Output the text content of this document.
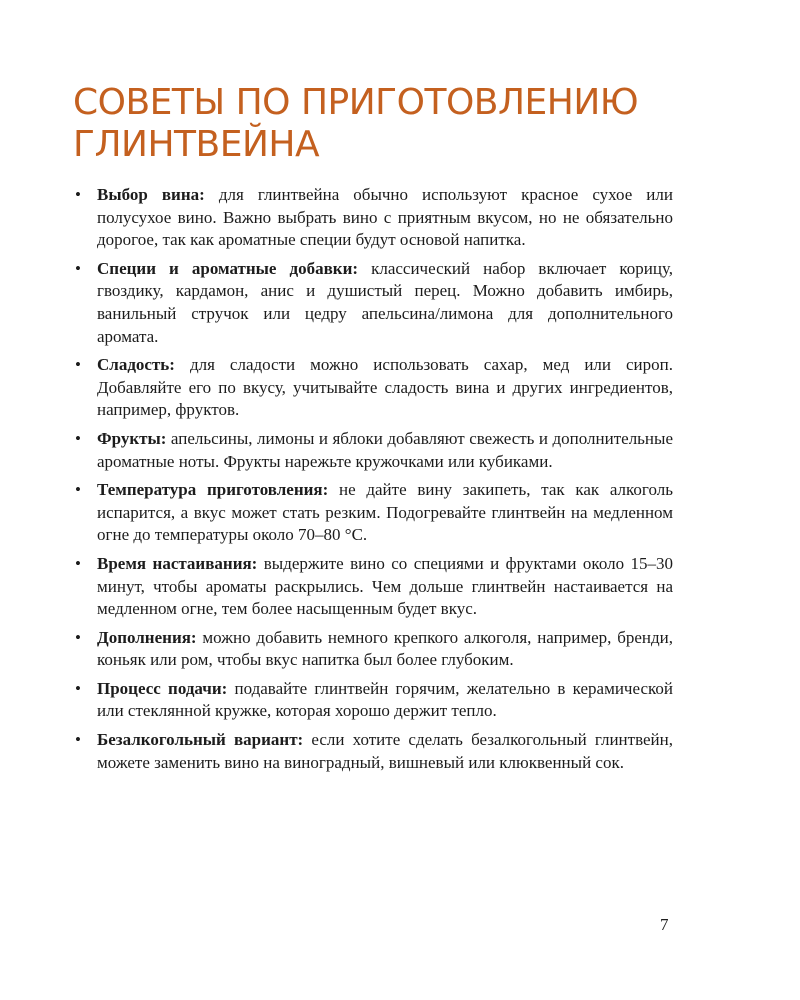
СОВЕТЫ ПО ПРИГОТОВЛЕНИЮ
ГЛИНТВЕЙНА
• Выбор вина: для глинтвейна обычно используют красное сухое или полусухое вино. Важно выбрать вино с приятным вкусом, но не обязательно дорогое, так как ароматные специи будут основой напитка.
• Специи и ароматные добавки: классический набор включает корицу, гвоздику, кардамон, анис и душистый перец. Можно добавить имбирь, ванильный стручок или цедру апельсина/лимона для дополнительного аромата.
• Сладость: для сладости можно использовать сахар, мед или сироп. Добавляйте его по вкусу, учитывайте сладость вина и других ингредиентов, например, фруктов.
• Фрукты: апельсины, лимоны и яблоки добавляют свежесть и дополнительные ароматные ноты. Фрукты нарежьте кружочками или кубиками.
• Температура приготовления: не дайте вину закипеть, так как алкоголь испарится, а вкус может стать резким. Подогревайте глинтвейн на медленном огне до температуры около 70–80 °C.
• Время настаивания: выдержите вино со специями и фруктами около 15–30 минут, чтобы ароматы раскрылись. Чем дольше глинтвейн настаивается на медленном огне, тем более насыщенным будет вкус.
• Дополнения: можно добавить немного крепкого алкоголя, например, бренди, коньяк или ром, чтобы вкус напитка был более глубоким.
• Процесс подачи: подавайте глинтвейн горячим, желательно в керамической или стеклянной кружке, которая хорошо держит тепло.
• Безалкогольный вариант: если хотите сделать безалкогольный глинтвейн, можете заменить вино на виноградный, вишневый или клюквенный сок.
7
